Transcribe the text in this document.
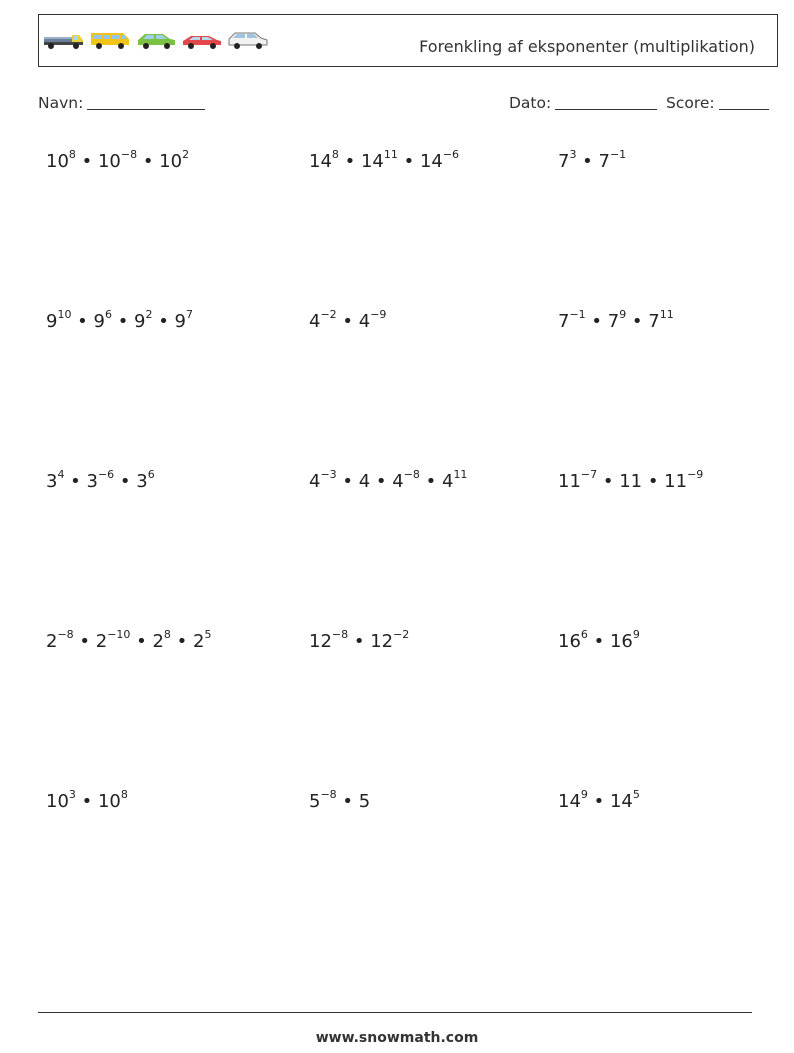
Forenkling af eksponenter (multiplikation)
Navn:	Dato:	Score:
$10^8$ • $10^{-8}$ • $10^2$	$14^8$ • $14^{11}$ • $14^{-6}$	$7^3$ • $7^{-1}$
$9^{10}$ • $9^6$ • $9^2$ • $9^7$	$4^{-2}$ • $4^{-9}$	$7^{-1}$ • $7^9$ • $7^{11}$
$3^4$ • $3^{-6}$ • $3^6$	$4^{-3}$ • 4 • $4^{-8}$ • $4^{11}$	$11^{-7}$ • 11 • $11^{-9}$
$2^{-8}$ • $2^{-10}$ • $2^8$ • $2^5$	$12^{-8}$ • $12^{-2}$	$16^6$ • $16^9$
$10^3$ • $10^8$	$5^{-8}$ • 5	$14^9$ • $14^5$
www.snowmath.com
